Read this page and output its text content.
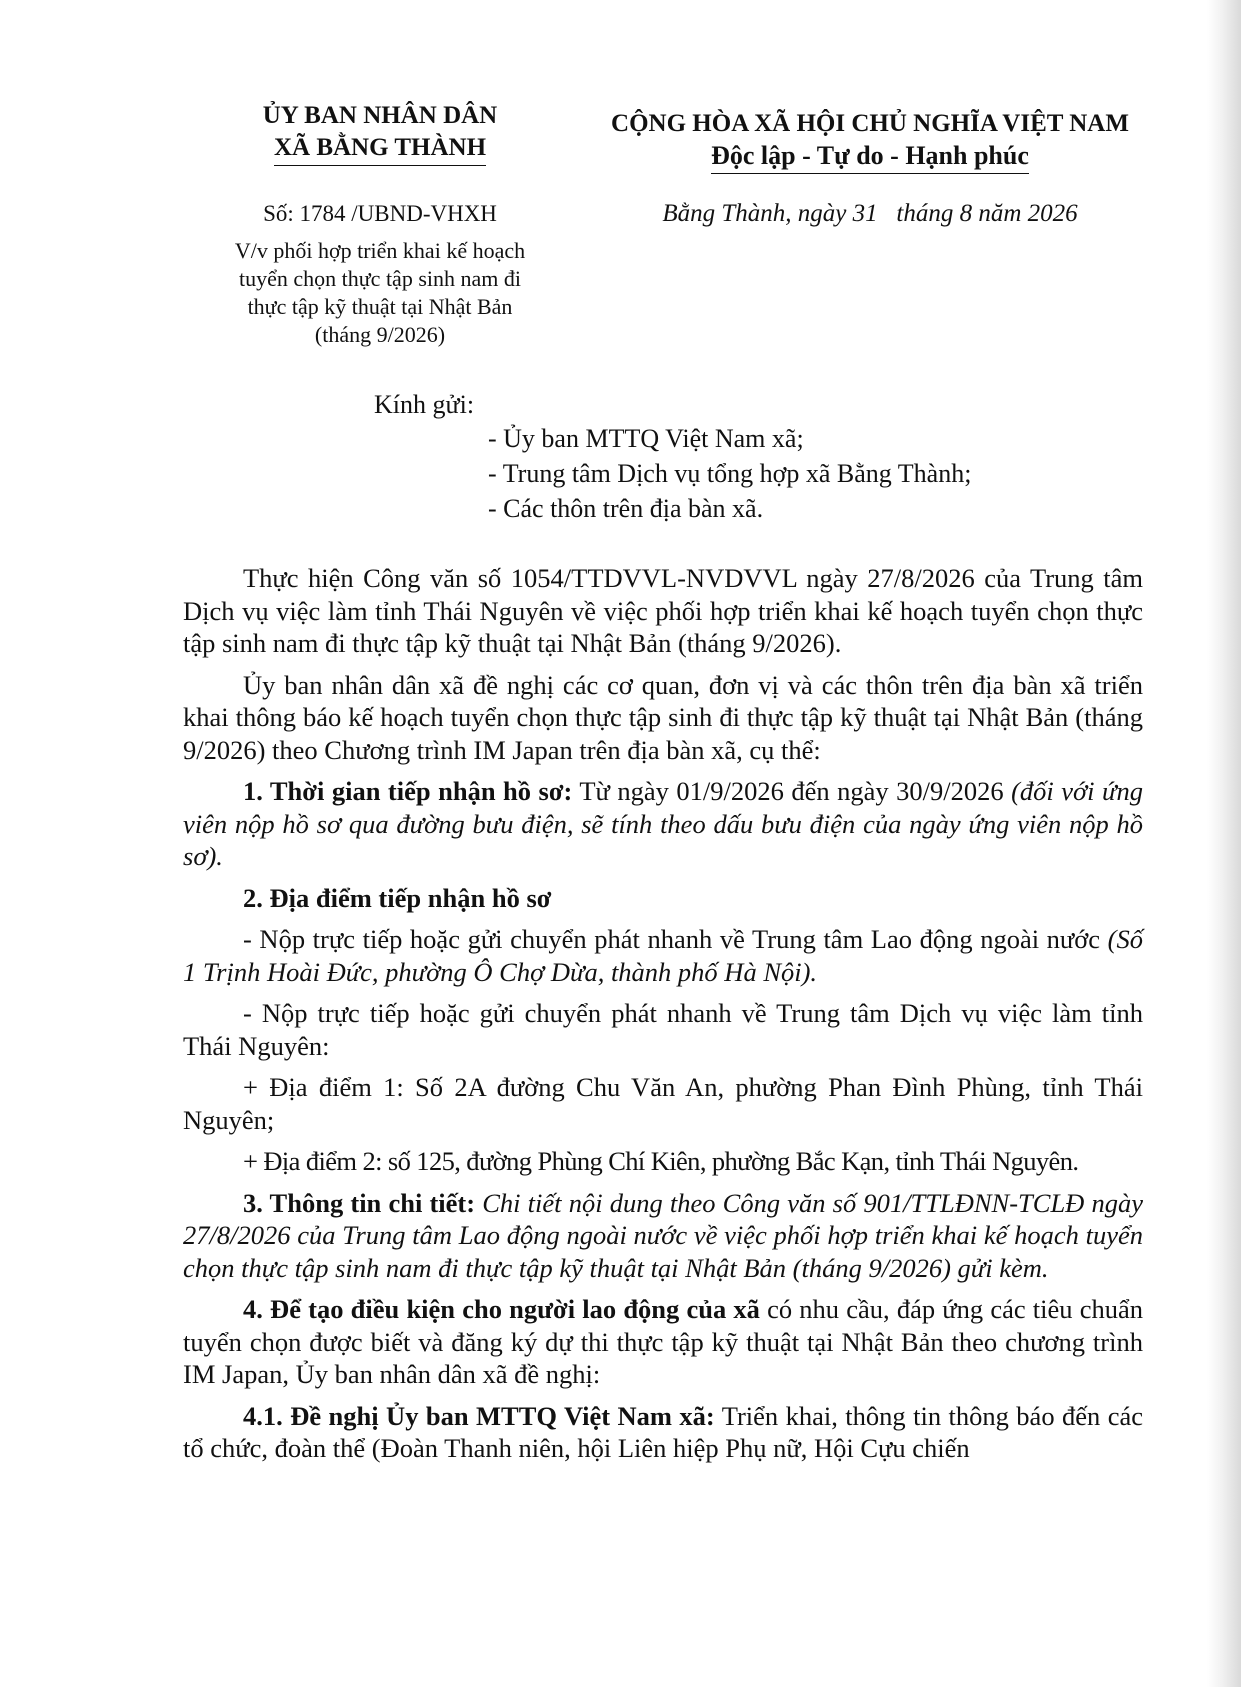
ỦY BAN NHÂN DÂN
XÃ BẰNG THÀNH
CỘNG HÒA XÃ HỘI CHỦ NGHĨA VIỆT NAM
Độc lập - Tự do - Hạnh phúc
Số: 1784 /UBND-VHXH	Bằng Thành, ngày 31   tháng 8 năm 2026
V/v phối hợp triển khai kế hoạch
tuyển chọn thực tập sinh nam đi
thực tập kỹ thuật tại Nhật Bản
(tháng 9/2026)
Kính gửi:
- Ủy ban MTTQ Việt Nam xã;
- Trung tâm Dịch vụ tổng hợp xã Bằng Thành;
- Các thôn trên địa bàn xã.

Thực hiện Công văn số 1054/TTDVVL-NVDVVL ngày 27/8/2026 của Trung tâm Dịch vụ việc làm tỉnh Thái Nguyên về việc phối hợp triển khai kế hoạch tuyển chọn thực tập sinh nam đi thực tập kỹ thuật tại Nhật Bản (tháng 9/2026).

Ủy ban nhân dân xã đề nghị các cơ quan, đơn vị và các thôn trên địa bàn xã triển khai thông báo kế hoạch tuyển chọn thực tập sinh đi thực tập kỹ thuật tại Nhật Bản (tháng 9/2026) theo Chương trình IM Japan trên địa bàn xã, cụ thể:

1. Thời gian tiếp nhận hồ sơ: Từ ngày 01/9/2026 đến ngày 30/9/2026 (đối với ứng viên nộp hồ sơ qua đường bưu điện, sẽ tính theo dấu bưu điện của ngày ứng viên nộp hồ sơ).

2. Địa điểm tiếp nhận hồ sơ

- Nộp trực tiếp hoặc gửi chuyển phát nhanh về Trung tâm Lao động ngoài nước (Số 1 Trịnh Hoài Đức, phường Ô Chợ Dừa, thành phố Hà Nội).

- Nộp trực tiếp hoặc gửi chuyển phát nhanh về Trung tâm Dịch vụ việc làm tỉnh Thái Nguyên:

+ Địa điểm 1: Số 2A đường Chu Văn An, phường Phan Đình Phùng, tỉnh Thái Nguyên;

+ Địa điểm 2: số 125, đường Phùng Chí Kiên, phường Bắc Kạn, tỉnh Thái Nguyên.

3. Thông tin chi tiết: Chi tiết nội dung theo Công văn số 901/TTLĐNN-TCLĐ ngày 27/8/2026 của Trung tâm Lao động ngoài nước về việc phối hợp triển khai kế hoạch tuyển chọn thực tập sinh nam đi thực tập kỹ thuật tại Nhật Bản (tháng 9/2026) gửi kèm.

4. Để tạo điều kiện cho người lao động của xã có nhu cầu, đáp ứng các tiêu chuẩn tuyển chọn được biết và đăng ký dự thi thực tập kỹ thuật tại Nhật Bản theo chương trình IM Japan, Ủy ban nhân dân xã đề nghị:

4.1. Đề nghị Ủy ban MTTQ Việt Nam xã: Triển khai, thông tin thông báo đến các tổ chức, đoàn thể (Đoàn Thanh niên, hội Liên hiệp Phụ nữ, Hội Cựu chiến
